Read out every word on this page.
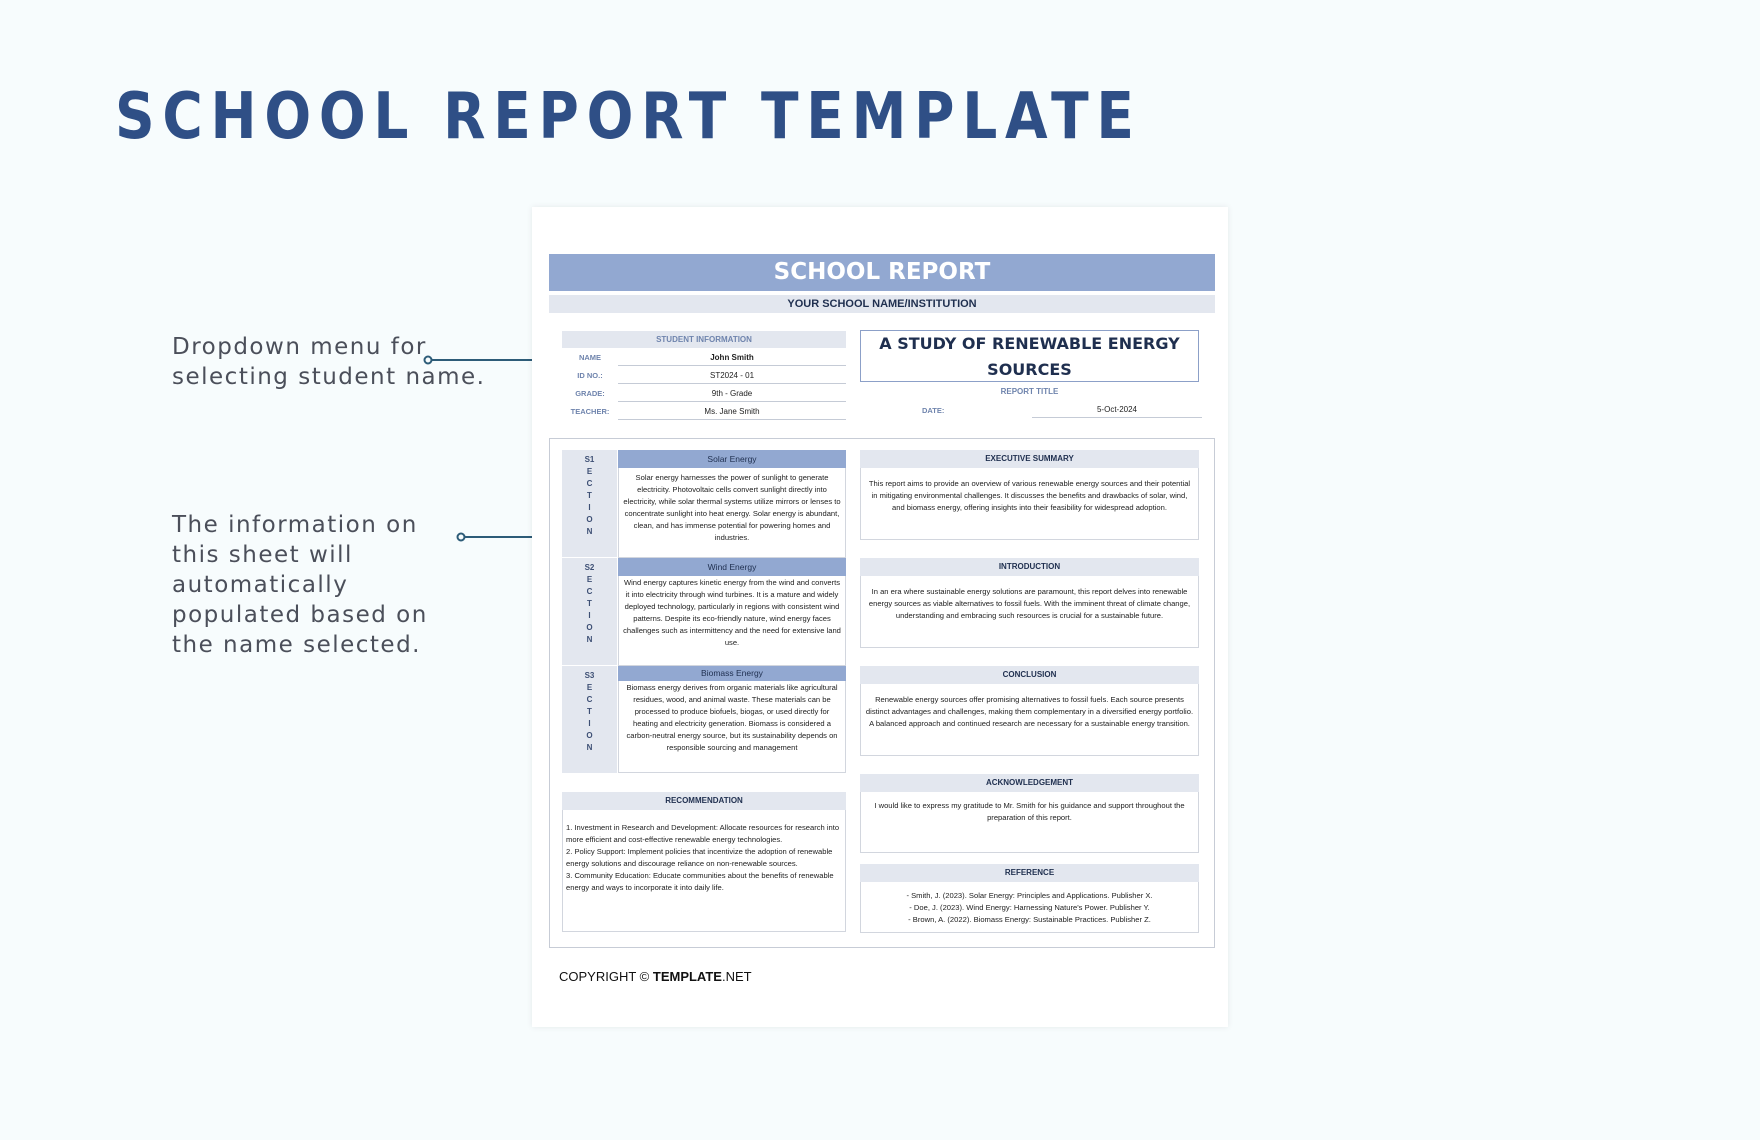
SCHOOL REPORT TEMPLATE
Dropdown menu for selecting student name.
The information on this sheet will automatically populated based on the name selected.
SCHOOL REPORT
YOUR SCHOOL NAME/INSTITUTION
STUDENT INFORMATION
NAME	John Smith
ID NO.:	ST2024 - 01
GRADE:	9th - Grade
TEACHER:	Ms. Jane Smith
A STUDY OF RENEWABLE ENERGY SOURCES
REPORT TITLE
DATE:	5-Oct-2024
S1
E
C
T
I
O
N
Solar Energy
Solar energy harnesses the power of sunlight to generate electricity. Photovoltaic cells convert sunlight directly into electricity, while solar thermal systems utilize mirrors or lenses to concentrate sunlight into heat energy. Solar energy is abundant, clean, and has immense potential for powering homes and industries.
S2
E
C
T
I
O
N
Wind Energy
Wind energy captures kinetic energy from the wind and converts it into electricity through wind turbines. It is a mature and widely deployed technology, particularly in regions with consistent wind patterns. Despite its eco-friendly nature, wind energy faces challenges such as intermittency and the need for extensive land use.
S3
E
C
T
I
O
N
Biomass Energy
Biomass energy derives from organic materials like agricultural residues, wood, and animal waste. These materials can be processed to produce biofuels, biogas, or used directly for heating and electricity generation. Biomass is considered a carbon-neutral energy source, but its sustainability depends on responsible sourcing and management
EXECUTIVE SUMMARY
This report aims to provide an overview of various renewable energy sources and their potential in mitigating environmental challenges. It discusses the benefits and drawbacks of solar, wind, and biomass energy, offering insights into their feasibility for widespread adoption.
INTRODUCTION
In an era where sustainable energy solutions are paramount, this report delves into renewable energy sources as viable alternatives to fossil fuels. With the imminent threat of climate change, understanding and embracing such resources is crucial for a sustainable future.
CONCLUSION
Renewable energy sources offer promising alternatives to fossil fuels. Each source presents distinct advantages and challenges, making them complementary in a diversified energy portfolio. A balanced approach and continued research are necessary for a sustainable energy transition.
ACKNOWLEDGEMENT
I would like to express my gratitude to Mr. Smith for his guidance and support throughout the preparation of this report.
REFERENCE
- Smith, J. (2023). Solar Energy: Principles and Applications. Publisher X.
- Doe, J. (2023). Wind Energy: Harnessing Nature's Power. Publisher Y.
- Brown, A. (2022). Biomass Energy: Sustainable Practices. Publisher Z.
RECOMMENDATION
1. Investment in Research and Development: Allocate resources for research into more efficient and cost-effective renewable energy technologies.
2. Policy Support: Implement policies that incentivize the adoption of renewable energy solutions and discourage reliance on non-renewable sources.
3. Community Education: Educate communities about the benefits of renewable energy and ways to incorporate it into daily life.
COPYRIGHT © TEMPLATE.NET
